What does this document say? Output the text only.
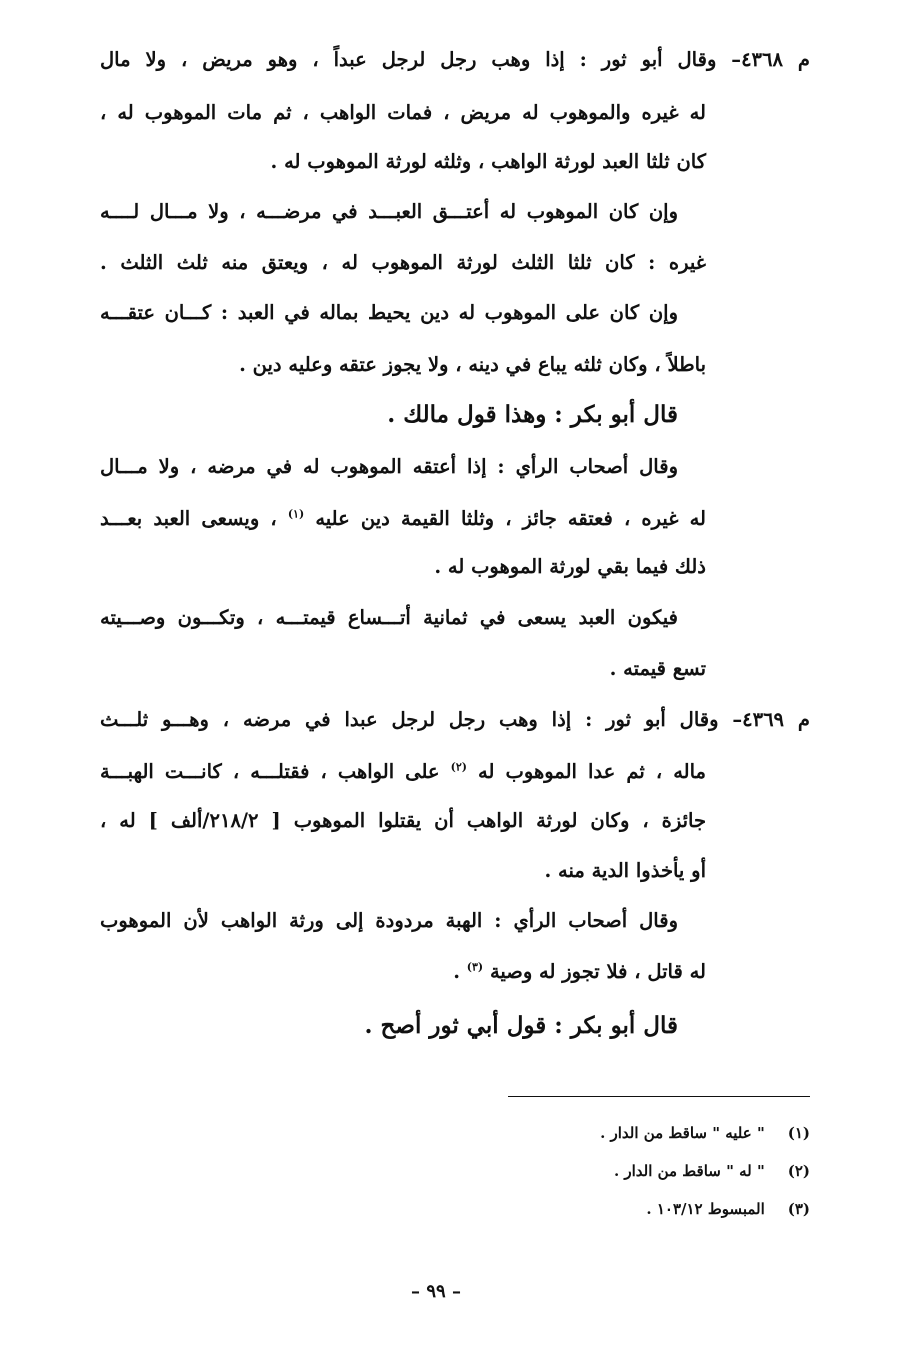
م ٤٣٦٨– وقال أبو ثور : إذا وهب رجل لرجل عبداً ، وهو مريض ، ولا مال
له غيره والموهوب له مريض ، فمات الواهب ، ثم مات الموهوب له ،
كان ثلثا العبد لورثة الواهب ، وثلثه لورثة الموهوب له .
وإن كان الموهوب له أعتـــق العبـــد في مرضـــه ، ولا مـــال لــــه
غيره : كان ثلثا الثلث لورثة الموهوب له ، ويعتق منه ثلث الثلث .
وإن كان على الموهوب له دين يحيط بماله في العبد : كـــان عتقـــه
باطلاً ، وكان ثلثه يباع في دينه ، ولا يجوز عتقه وعليه دين .
قال أبو بكر : وهذا قول مالك .
وقال أصحاب الرأي : إذا أعتقه الموهوب له في مرضه ، ولا مـــال
له غيره ، فعتقه جائز ، وثلثا القيمة دين عليه $^{(١)}$ ، ويسعى العبد بعـــد
ذلك فيما بقي لورثة الموهوب له .
فيكون العبد يسعى في ثمانية أتـــساع قيمتـــه ، وتكـــون وصـــيته
تسع قيمته .
م ٤٣٦٩– وقال أبو ثور : إذا وهب رجل لرجل عبدا في مرضه ، وهـــو ثلـــث
ماله ، ثم عدا الموهوب له $^{(٢)}$ على الواهب ، فقتلـــه ، كانـــت الهبـــة
جائزة ، وكان لورثة الواهب أن يقتلوا الموهوب [ ٢١٨/٢/ألف ] له ،
أو يأخذوا الدية منه .
وقال أصحاب الرأي : الهبة مردودة إلى ورثة الواهب لأن الموهوب
له قاتل ، فلا تجوز له وصية $^{(٣)}$ .
قال أبو بكر : قول أبي ثور أصح .
(١) " عليه " ساقط من الدار .
(٢) " له " ساقط من الدار .
(٣) المبسوط ١٠٣/١٢ .
– ٩٩ –
